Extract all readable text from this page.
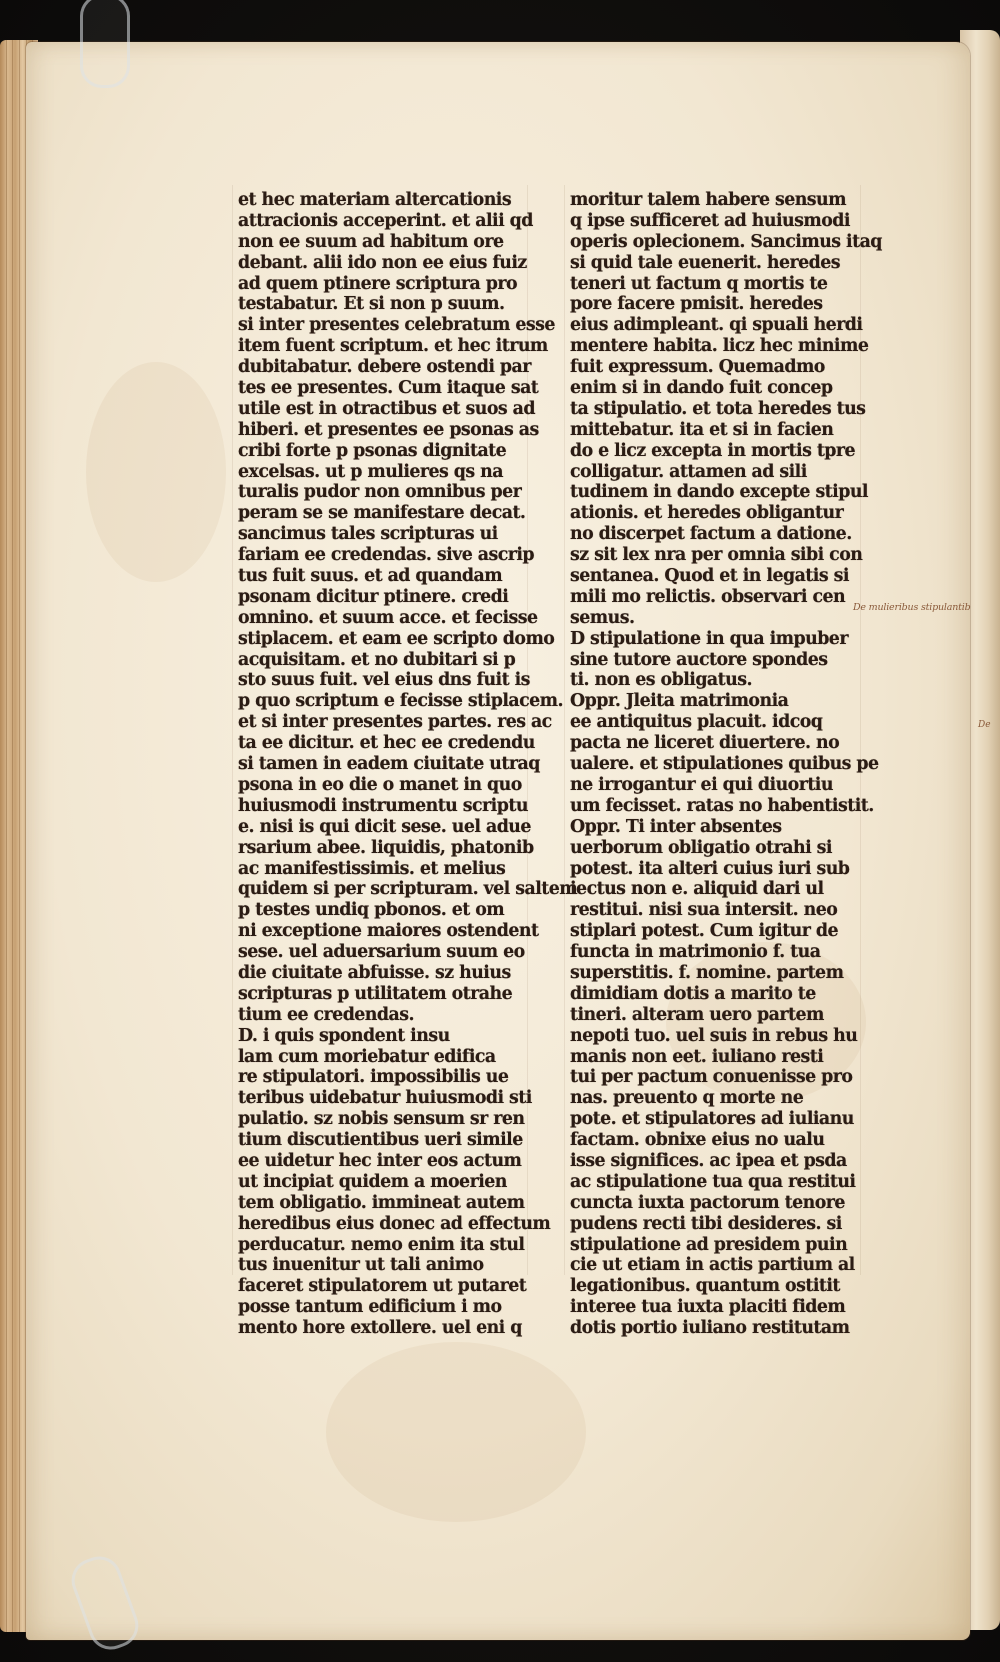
et hec materiam altercationis
attracionis acceperint. et alii qd
non ee suum ad habitum ore
debant. alii ido non ee eius fuiz
ad quem ptinere scriptura pro
testabatur. Et si non p suum.
si inter presentes celebratum esse
item fuent scriptum. et hec itrum
dubitabatur. debere ostendi par
tes ee presentes. Cum itaque sat
utile est in otractibus et suos ad
hiberi. et presentes ee psonas as
cribi forte p psonas dignitate
excelsas. ut p mulieres qs na
turalis pudor non omnibus per
peram se se manifestare decat.
sancimus tales scripturas ui
fariam ee credendas. sive ascrip
tus fuit suus. et ad quandam
psonam dicitur ptinere. credi
omnino. et suum acce. et fecisse
stiplacem. et eam ee scripto domo
acquisitam. et no dubitari si p
sto suus fuit. vel eius dns fuit is
p quo scriptum e fecisse stiplacem.
et si inter presentes partes. res ac
ta ee dicitur. et hec ee credendu
si tamen in eadem ciuitate utraq
psona in eo die o manet in quo
huiusmodi instrumentu scriptu
e. nisi is qui dicit sese. uel adue
rsarium abee. liquidis, phatonib
ac manifestissimis. et melius
quidem si per scripturam. vel saltem
p testes undiq pbonos. et om
ni exceptione maiores ostendent
sese. uel aduersarium suum eo
die ciuitate abfuisse. sz huius
scripturas p utilitatem otrahe
tium ee credendas.
D. i quis spondent insu
lam cum moriebatur edifica
re stipulatori. impossibilis ue
teribus uidebatur huiusmodi sti
pulatio. sz nobis sensum sr ren
tium discutientibus ueri simile
ee uidetur hec inter eos actum
ut incipiat quidem a moerien
tem obligatio. immineat autem
heredibus eius donec ad effectum
perducatur. nemo enim ita stul
tus inuenitur ut tali animo
faceret stipulatorem ut putaret
posse tantum edificium i mo
mento hore extollere. uel eni q
moritur talem habere sensum
q ipse sufficeret ad huiusmodi
operis oplecionem. Sancimus itaq
si quid tale euenerit. heredes
teneri ut factum q mortis te
pore facere pmisit. heredes
eius adimpleant. qi spuali herdi
mentere habita. licz hec minime
fuit expressum. Quemadmo
enim si in dando fuit concep
ta stipulatio. et tota heredes tus
mittebatur. ita et si in facien
do e licz excepta in mortis tpre
colligatur. attamen ad sili
tudinem in dando excepte stipul
ationis. et heredes obligantur
no discerpet factum a datione.
sz sit lex nra per omnia sibi con
sentanea. Quod et in legatis si
mili mo relictis. observari cen
semus.
D stipulatione in qua impuber
sine tutore auctore spondes
ti. non es obligatus.
Oppr. Jleita matrimonia
ee antiquitus placuit. idcoq
pacta ne liceret diuertere. no
ualere. et stipulationes quibus pe
ne irrogantur ei qui diuortiu
um fecisset. ratas no habentistit.
Oppr. Ti inter absentes
uerborum obligatio otrahi si
potest. ita alteri cuius iuri sub
iectus non e. aliquid dari ul
restitui. nisi sua intersit. neo
stiplari potest. Cum igitur de
functa in matrimonio f. tua
superstitis. f. nomine. partem
dimidiam dotis a marito te
tineri. alteram uero partem
nepoti tuo. uel suis in rebus hu
manis non eet. iuliano resti
tui per pactum conuenisse pro
nas. preuento q morte ne
pote. et stipulatores ad iulianu
factam. obnixe eius no ualu
isse significes. ac ipea et psda
ac stipulatione tua qua restitui
cuncta iuxta pactorum tenore
pudens recti tibi desideres. si
stipulatione ad presidem puin
cie ut etiam in actis partium al
legationibus. quantum ostitit
interee tua iuxta placiti fidem
dotis portio iuliano restitutam
De mulieribus stipulantib
De
